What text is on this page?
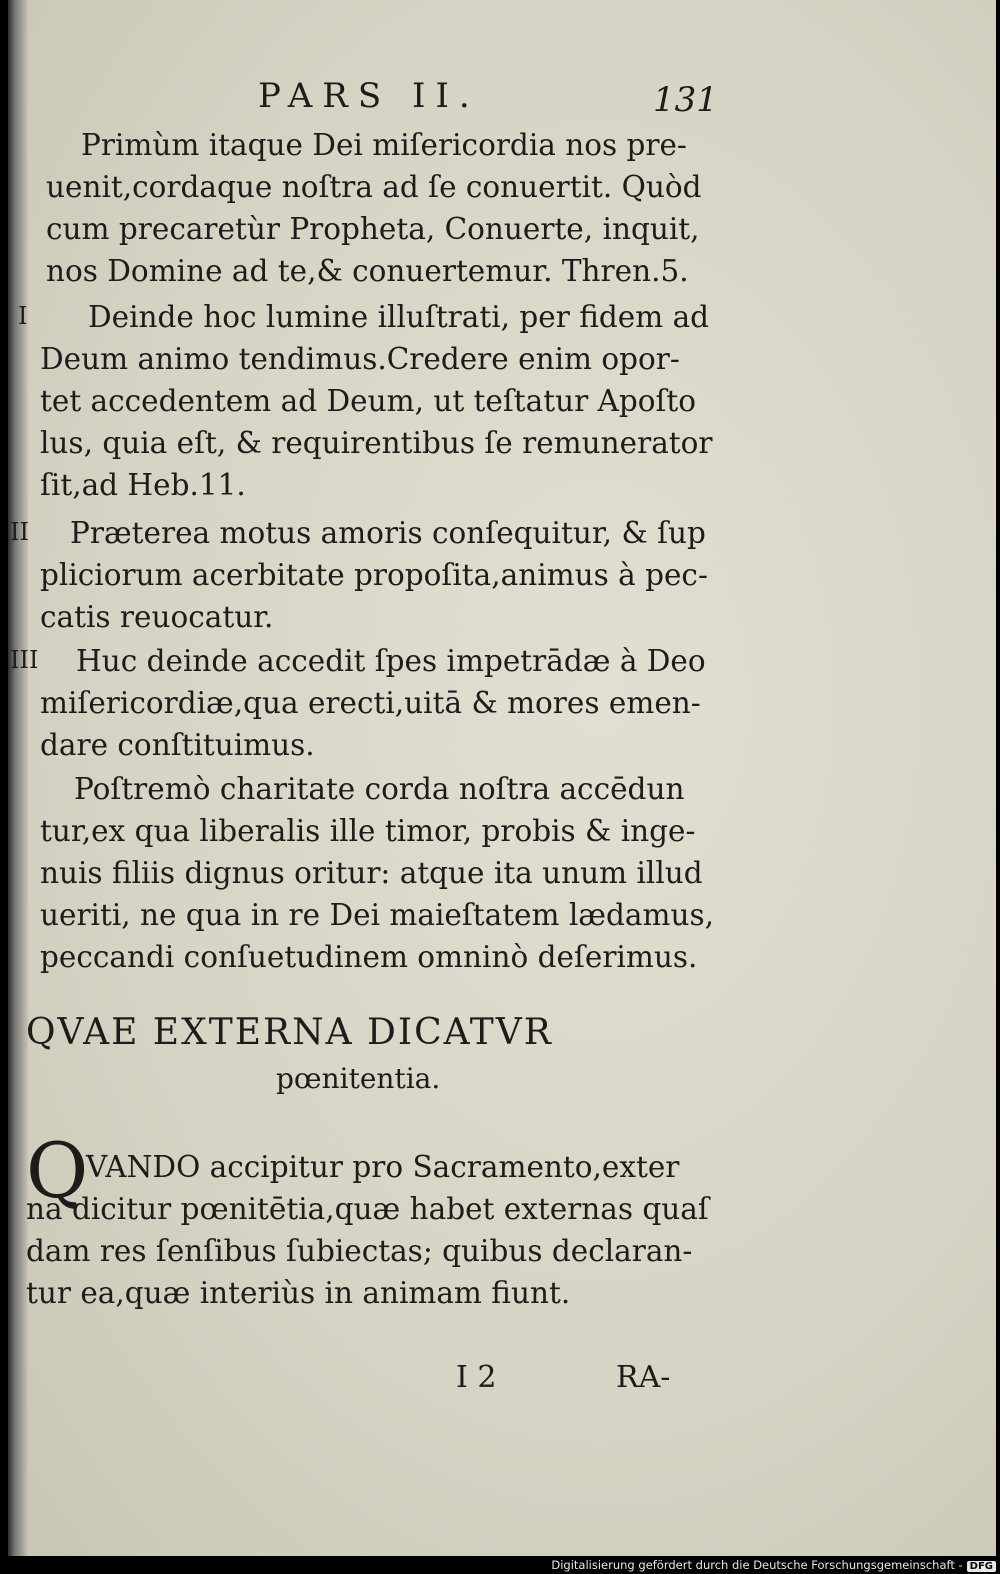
PARS II.	131
Primùm itaque Dei miſericordia nos pre-
uenit,cordaque noſtra ad ſe conuertit. Quòd
cum precaretùr Propheta, Conuerte, inquit,
nos Domine ad te,& conuertemur. Thren.5.
Deinde hoc lumine illuſtrati, per fidem ad
Deum animo tendimus.Credere enim opor-
tet accedentem ad Deum, ut teſtatur Apoſto
lus, quia eſt, & requirentibus ſe remunerator
ſit,ad Heb.11.
Præterea motus amoris conſequitur, & ſup
pliciorum acerbitate propoſita,animus à pec-
catis reuocatur.
Huc deinde accedit ſpes impetrādæ à Deo
miſericordiæ,qua erecti,uitā & mores emen-
dare conſtituimus.
Poſtremò charitate corda noſtra accēdun
tur,ex qua liberalis ille timor, probis & inge-
nuis filiis dignus oritur: atque ita unum illud
ueriti, ne qua in re Dei maieſtatem lædamus,
peccandi conſuetudinem omninò deſerimus.
I
II
III
QVAE EXTERNA DICATVR
pœnitentia.
Q
VANDO accipitur pro Sacramento,exter
na dicitur pœnitētia,quæ habet externas quaſ
dam res ſenſibus ſubiectas; quibus declaran-
tur ea,quæ interiùs in animam fiunt.
I 2	RA-
Digitalisierung gefördert durch die Deutsche Forschungsgemeinschaft - DFG
